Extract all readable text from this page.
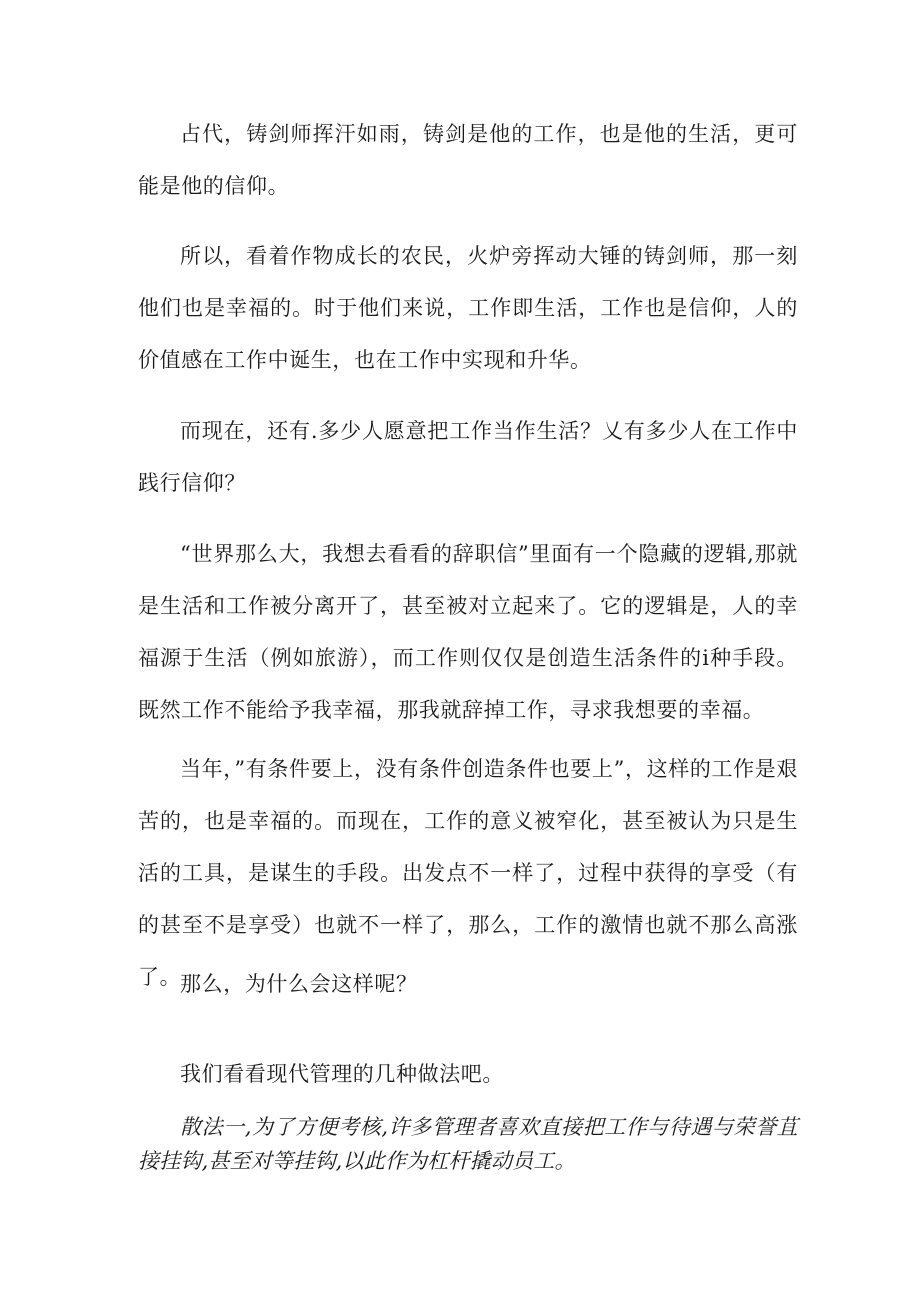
占代，铸剑师挥汗如雨，铸剑是他的工作，也是他的生活，更可能是他的信仰。

所以，看着作物成长的农民，火炉旁挥动大锤的铸剑师，那一刻他们也是幸福的。时于他们来说，工作即生活，工作也是信仰，人的价值感在工作中诞生，也在工作中实现和升华。

而现在，还有.多少人愿意把工作当作生活？乂有多少人在工作中践行信仰？

“世界那么大，我想去看看的辞职信”里面有一个隐藏的逻辑,那就是生活和工作被分离开了，甚至被对立起来了。它的逻辑是，人的幸福源于生活（例如旅游），而工作则仅仅是创造生活条件的i种手段。既然工作不能给予我幸福，那我就辞掉工作，寻求我想要的幸福。

当年，”有条件要上，没有条件创造条件也要上”，这样的工作是艰苦的，也是幸福的。而现在，工作的意义被窄化，甚至被认为只是生活的工具，是谋生的手段。出发点不一样了，过程中获得的享受（有的甚至不是享受）也就不一样了，那么，工作的激情也就不那么高涨了。

那么，为什么会这样呢？

我们看看现代管理的几种做法吧。

散法一,为了方便考核,许多管理者喜欢直接把工作与待遇与荣誉苴接挂钩,甚至对等挂钩,以此作为杠杆撬动员工。
